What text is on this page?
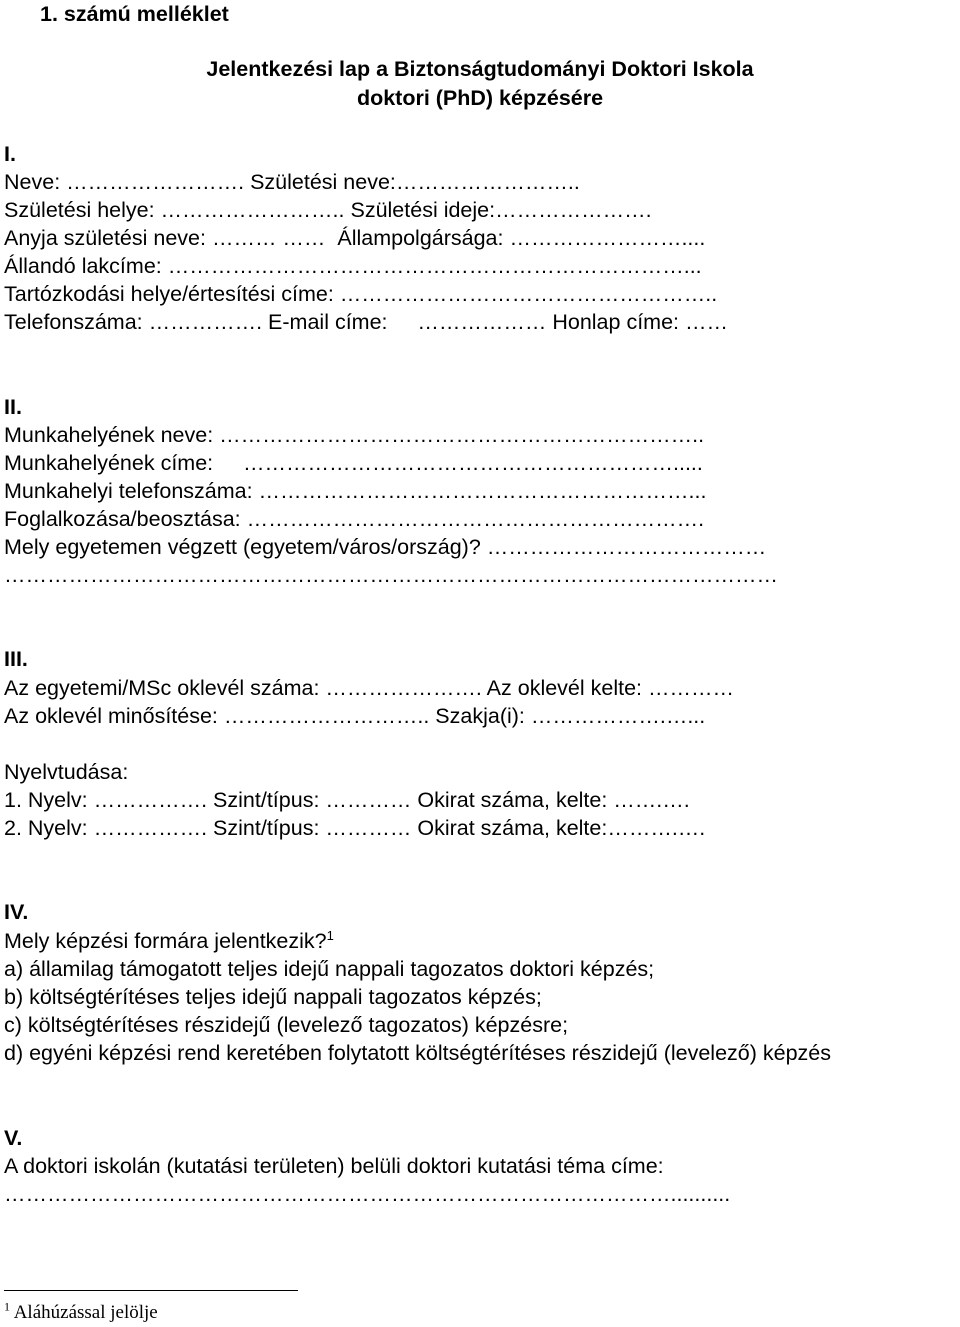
1. számú melléklet
Jelentkezési lap a Biztonságtudományi Doktori Iskola
doktori (PhD) képzésére
I.
Neve: ……………………. Születési neve:……………………..
Születési helye: …………………….. Születési ideje:………………….
Anyja születési neve: ……… ……  Állampolgársága: ……………………....
Állandó lakcíme: ………………………………………………………………...
Tartózkodási helye/értesítési címe: ……………………………………………..
Telefonszáma: ……………. E-mail címe:     ……………… Honlap címe: ……
II.
Munkahelyének neve: …………………………………………………………..
Munkahelyének címe:     …………………………………………………….....
Munkahelyi telefonszáma: ……………………………………………………...
Foglalkozása/beosztása: ……………………………………………………….
Mely egyetemen végzett (egyetem/város/ország)? …………………………………
………………………………………………………………………………………………
III.
Az egyetemi/MSc oklevél száma: …………………. Az oklevél kelte: …………
Az oklevél minősítése: ……………………….. Szakja(i): ……………….…...
Nyelvtudása:
1. Nyelv: ……………. Szint/típus: ………… Okirat száma, kelte: …….….
2. Nyelv: ……………. Szint/típus: ………… Okirat száma, kelte:……….….
IV.
Mely képzési formára jelentkezik?$^1$
a) államilag támogatott teljes idejű nappali tagozatos doktori képzés;
b) költségtérítéses teljes idejű nappali tagozatos képzés;
c) költségtérítéses részidejű (levelező tagozatos) képzésre;
d) egyéni képzési rend keretében folytatott költségtérítéses részidejű (levelező) képzés
V.
A doktori iskolán (kutatási területen) belüli doktori kutatási téma címe:
…………………………………………………………………………………..........
$^1$ Aláhúzással jelölje
